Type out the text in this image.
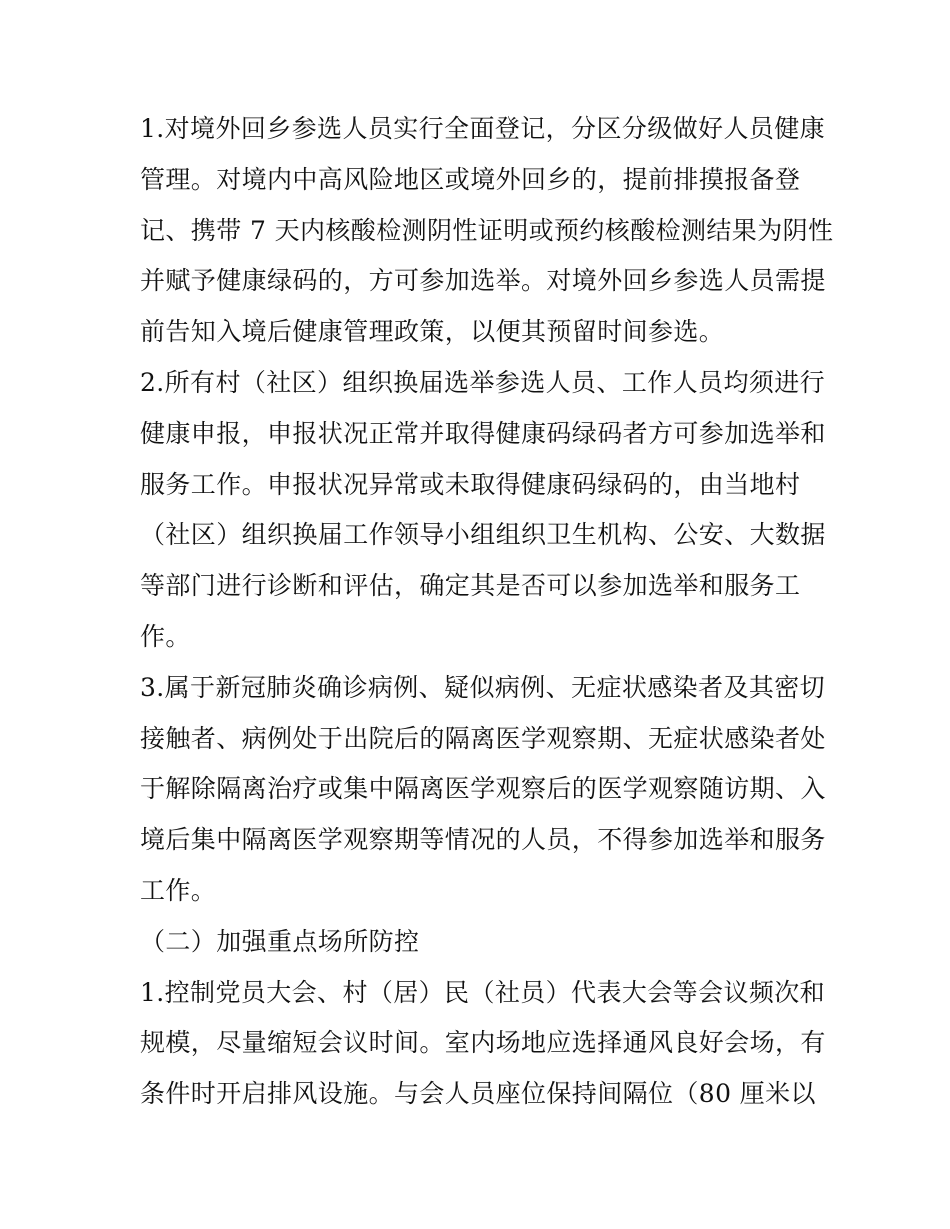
1.对境外回乡参选人员实行全面登记，分区分级做好人员健康
管理。对境内中高风险地区或境外回乡的，提前排摸报备登
记、携带 7 天内核酸检测阴性证明或预约核酸检测结果为阴性
并赋予健康绿码的，方可参加选举。对境外回乡参选人员需提
前告知入境后健康管理政策，以便其预留时间参选。
2.所有村（社区）组织换届选举参选人员、工作人员均须进行
健康申报，申报状况正常并取得健康码绿码者方可参加选举和
服务工作。申报状况异常或未取得健康码绿码的，由当地村
（社区）组织换届工作领导小组组织卫生机构、公安、大数据
等部门进行诊断和评估，确定其是否可以参加选举和服务工
作。
3.属于新冠肺炎确诊病例、疑似病例、无症状感染者及其密切
接触者、病例处于出院后的隔离医学观察期、无症状感染者处
于解除隔离治疗或集中隔离医学观察后的医学观察随访期、入
境后集中隔离医学观察期等情况的人员，不得参加选举和服务
工作。
（二）加强重点场所防控
1.控制党员大会、村（居）民（社员）代表大会等会议频次和
规模，尽量缩短会议时间。室内场地应选择通风良好会场，有
条件时开启排风设施。与会人员座位保持间隔位（80 厘米以
